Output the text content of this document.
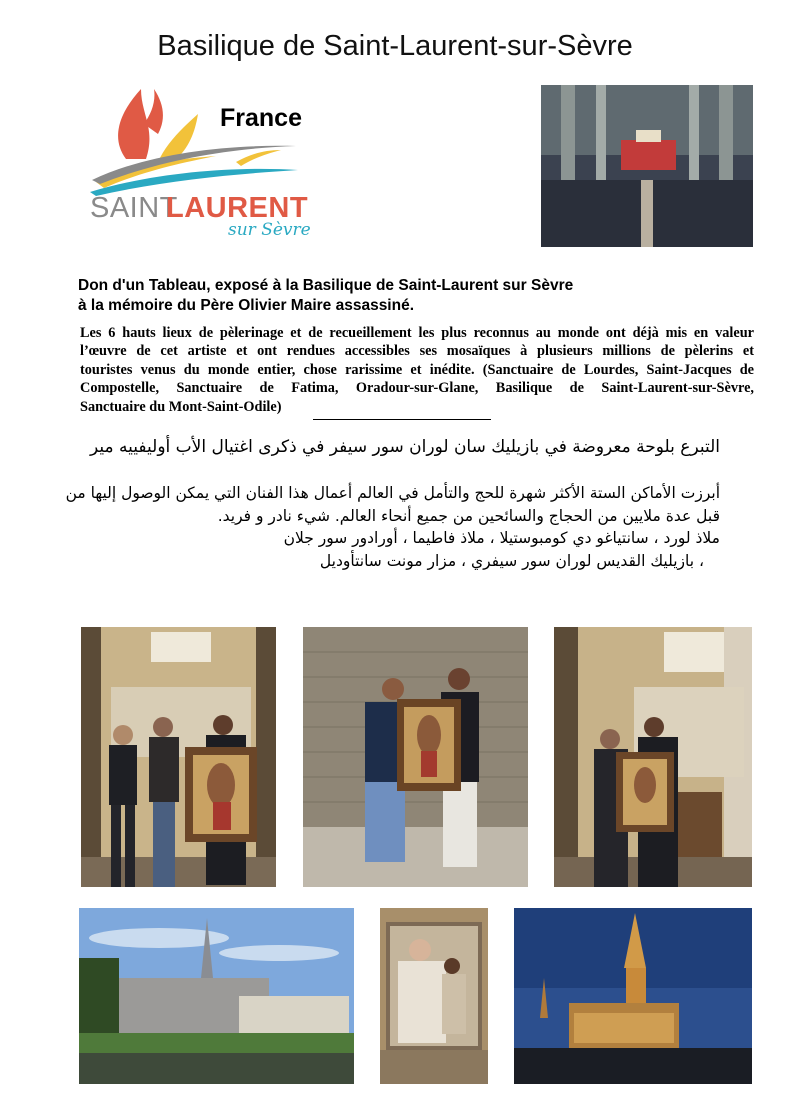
Basilique de Saint-Laurent-sur-Sèvre
France
SAINT
LAURENT
sur Sèvre
Don d'un Tableau, exposé à la Basilique de Saint-Laurent sur Sèvre
à la mémoire du Père Olivier Maire assassiné.
Les 6 hauts lieux de pèlerinage et de recueillement les plus reconnus au monde ont déjà mis en valeur
l’œuvre de cet artiste et ont rendues accessibles ses mosaïques à plusieurs millions de pèlerins et
touristes venus du monde entier, chose rarissime et inédite. (Sanctuaire de Lourdes, Saint-Jacques de
Compostelle, Sanctuaire de Fatima, Oradour-sur-Glane, Basilique de Saint-Laurent-sur-Sèvre,
Sanctuaire du Mont-Saint-Odile)
التبرع بلوحة معروضة في بازيليك سان لوران سور سيفر في ذكرى اغتيال الأب أوليفييه مير
أبرزت الأماكن الستة الأكثر شهرة للحج والتأمل في العالم أعمال هذا الفنان التي يمكن الوصول إليها من
قبل عدة ملايين من الحجاج والسائحين من جميع أنحاء العالم. شيء نادر و فريد.
ملاذ لورد ، سانتياغو دي كومبوستيلا ، ملاذ فاطيما ، أورادور سور جلان
، بازيليك القديس لوران سور سيفري ، مزار مونت سانتأوديل
